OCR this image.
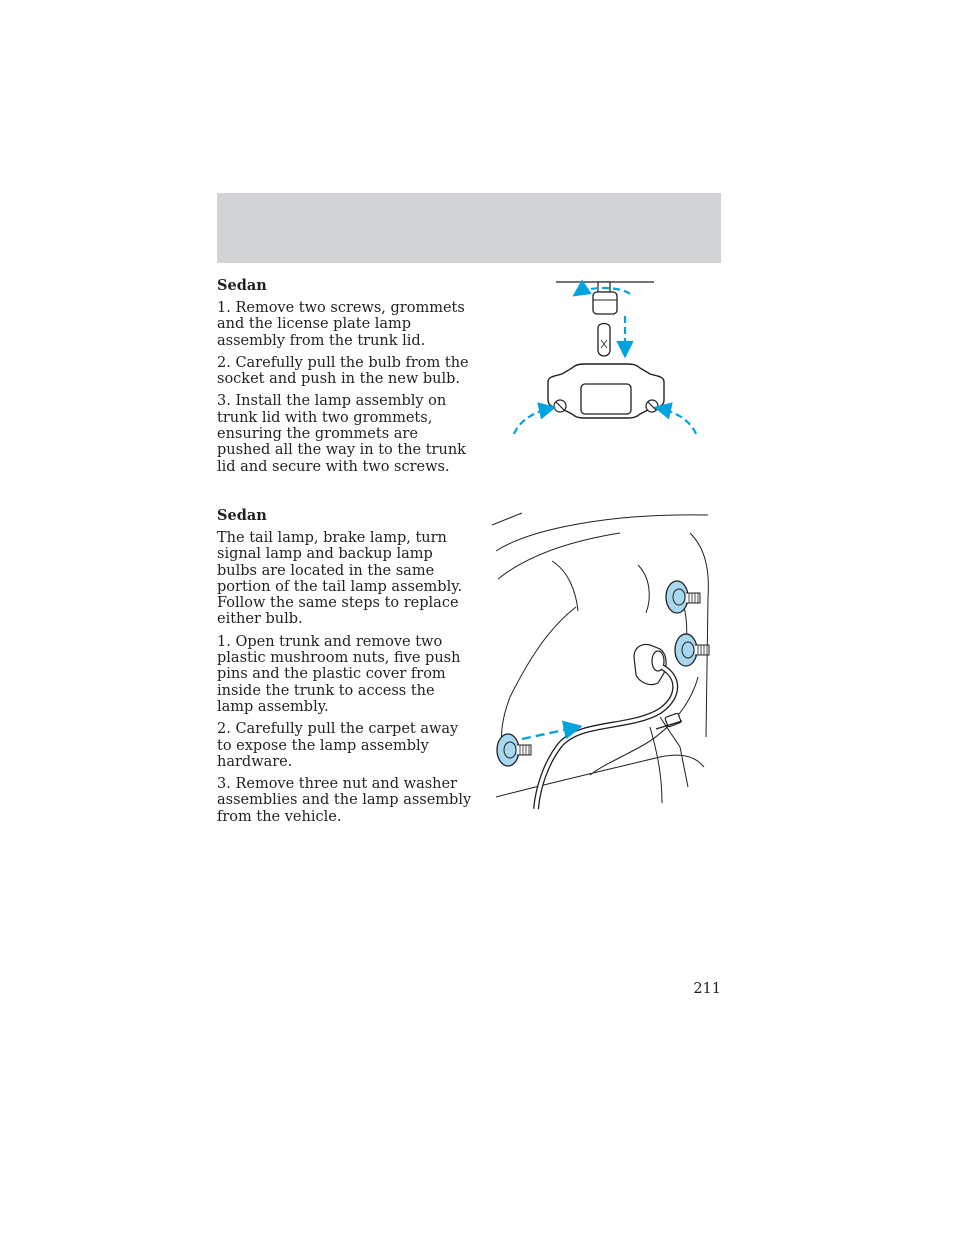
Sedan

1. Remove two screws, grommets and the license plate lamp assembly from the trunk lid.

2. Carefully pull the bulb from the socket and push in the new bulb.

3. Install the lamp assembly on trunk lid with two grommets, ensuring the grommets are pushed all the way in to the trunk lid and secure with two screws.

Sedan

The tail lamp, brake lamp, turn signal lamp and backup lamp bulbs are located in the same portion of the tail lamp assembly. Follow the same steps to replace either bulb.

1. Open trunk and remove two plastic mushroom nuts, five push pins and the plastic cover from inside the trunk to access the lamp assembly.

2. Carefully pull the carpet away to expose the lamp assembly hardware.

3. Remove three nut and washer assemblies and the lamp assembly from the vehicle.

211
